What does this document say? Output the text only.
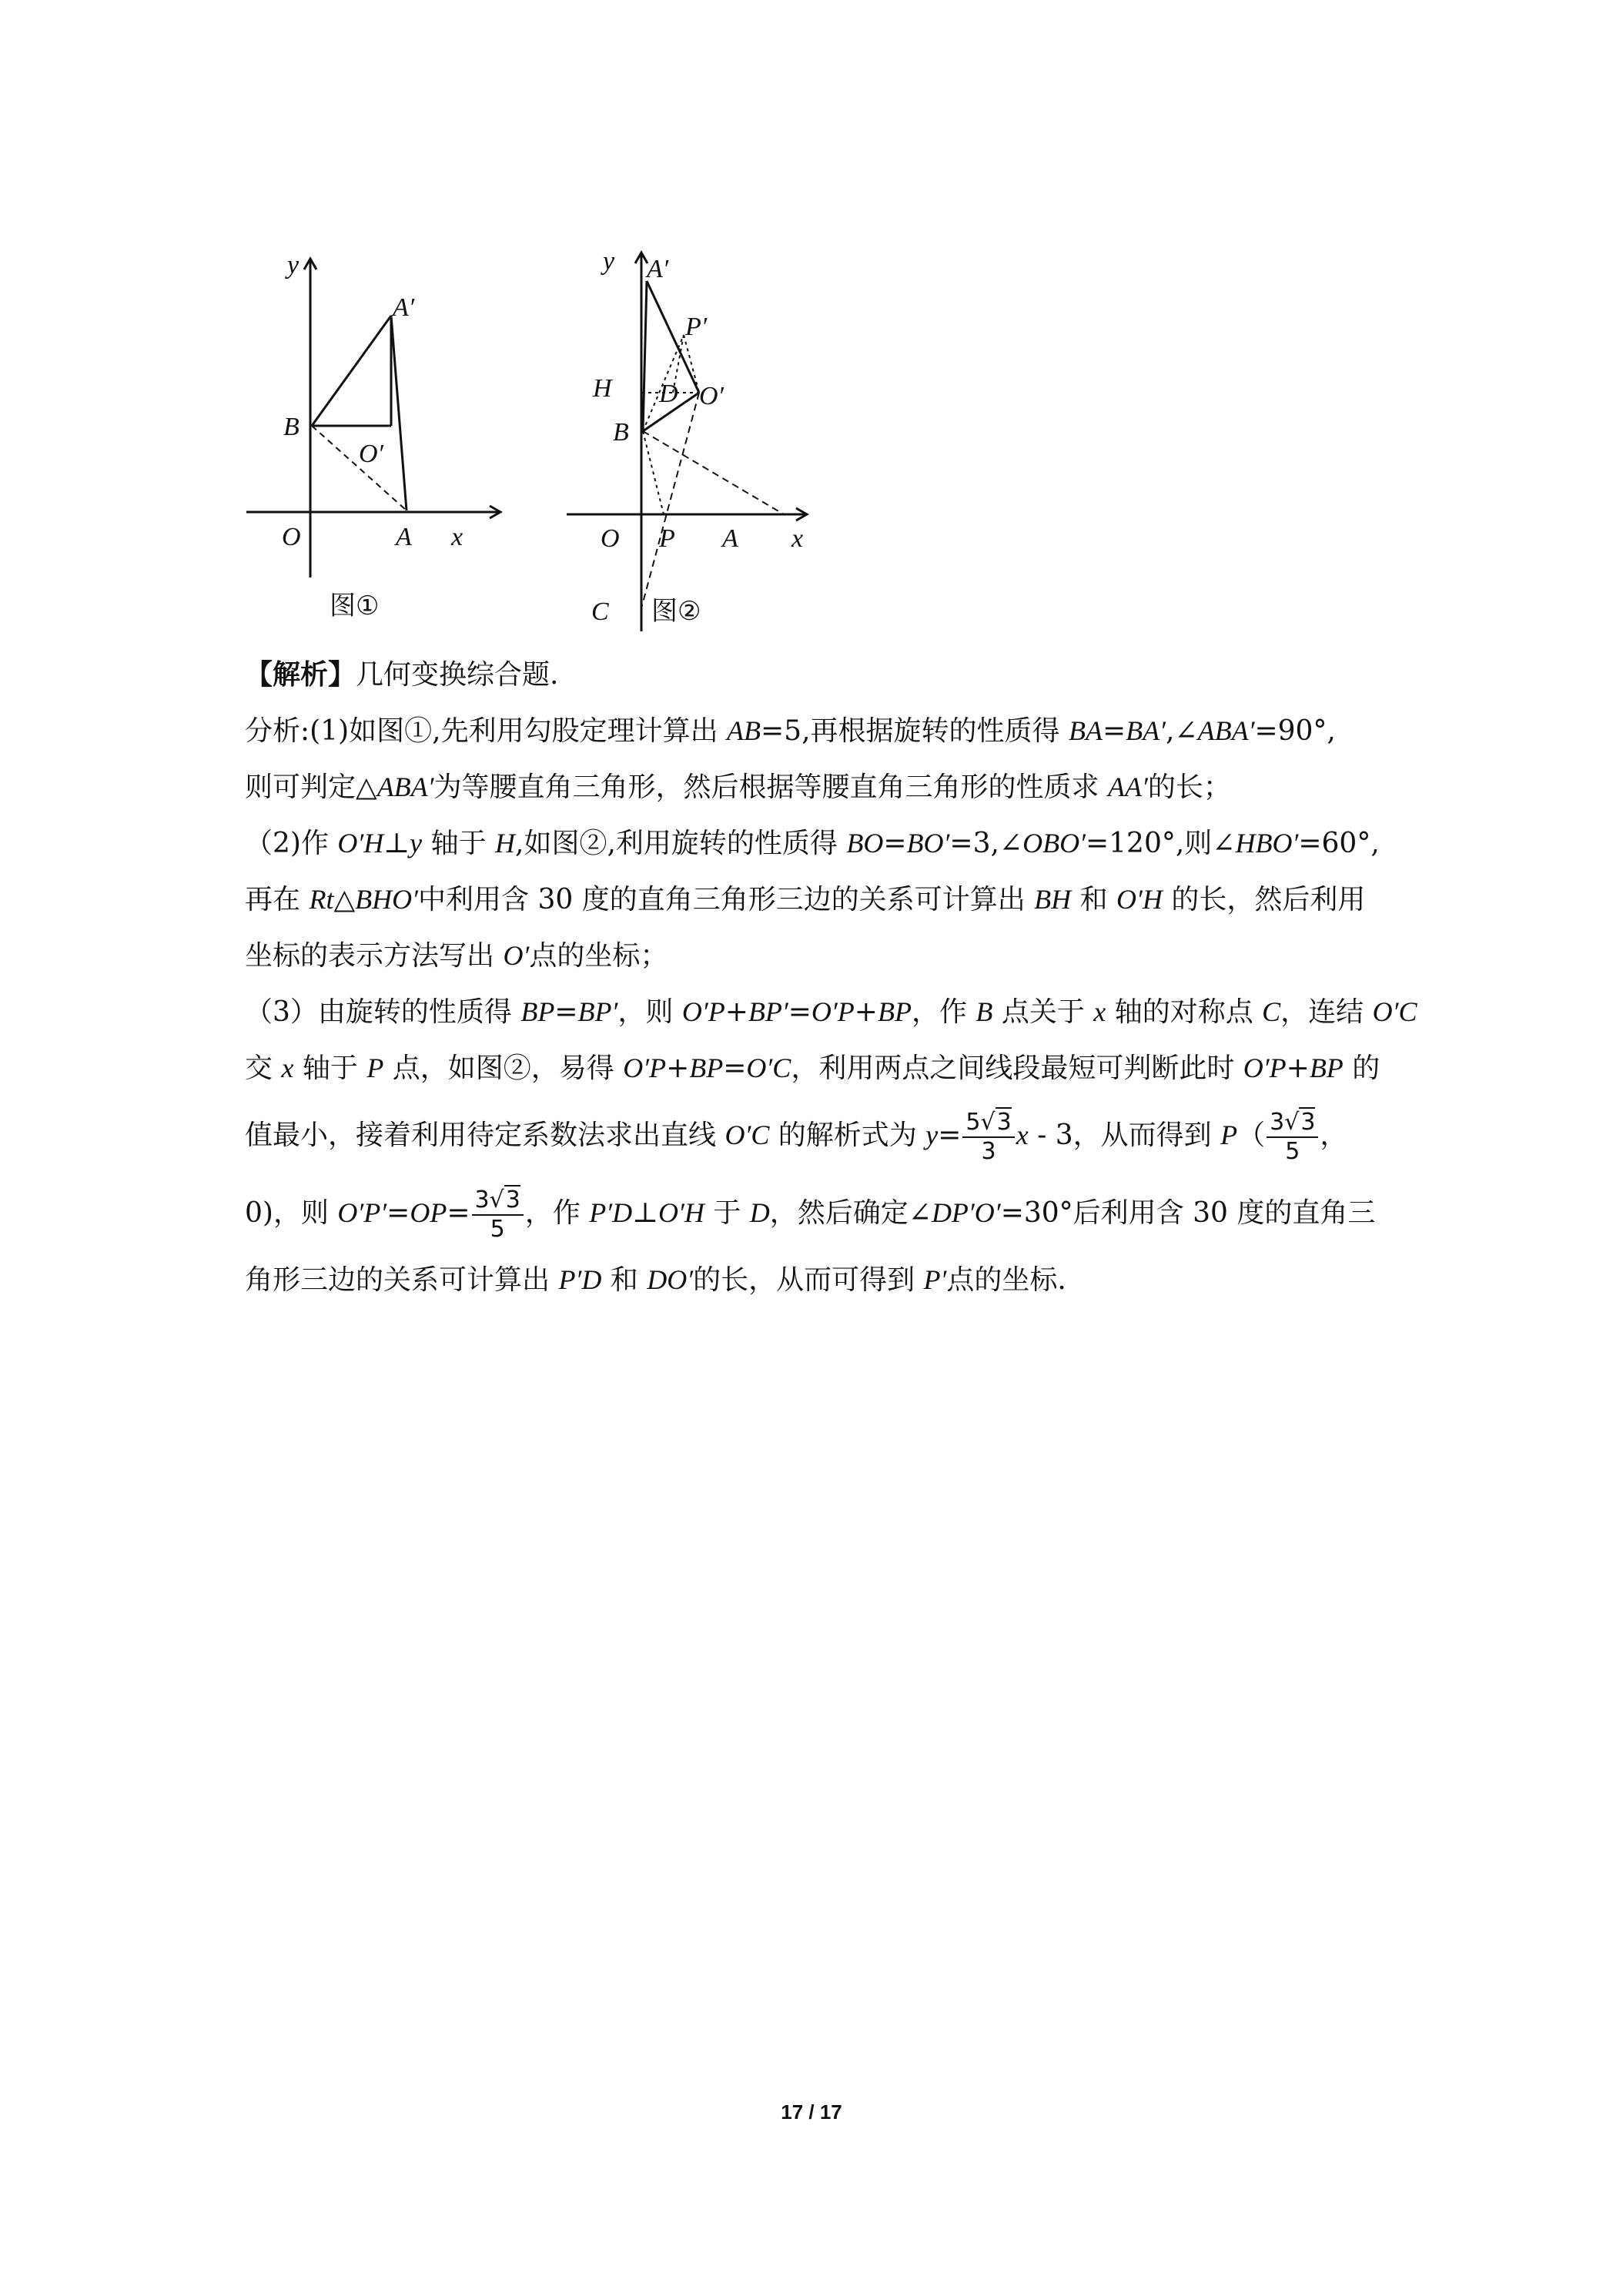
y
A′
B
O′
O	A x
图①
y A′
P′
H D O′
B
O P A x
C 图②
【解析】几何变换综合题.
分析:(1)如图①,先利用勾股定理计算出 AB=5,再根据旋转的性质得 BA=BA′,∠ABA′=90°,
则可判定△ABA′为等腰直角三角形，然后根据等腰直角三角形的性质求 AA′的长；
（2)作 O′H⊥y 轴于 H,如图②,利用旋转的性质得 BO=BO′=3,∠OBO′=120°,则∠HBO′=60°,
再在 Rt△BHO′中利用含 30 度的直角三角形三边的关系可计算出 BH 和 O′H 的长，然后利用
坐标的表示方法写出 O′点的坐标；
（3）由旋转的性质得 BP=BP′，则 O′P+BP′=O′P+BP，作 B 点关于 x 轴的对称点 C，连结 O′C
交 x 轴于 P 点，如图②，易得 O′P+BP=O′C，利用两点之间线段最短可判断此时 O′P+BP 的
值最小，接着利用待定系数法求出直线 O′C 的解析式为 $y= \frac{5√3}{3}$ x - 3，从而得到 $P( \frac{3√3}{5}$ ，
0)，则 $O'P'=OP= \frac{3√3}{5}$ ，作 P′D⊥O′H 于 D，然后确定∠DP′O′=30°后利用含 30 度的直角三
角形三边的关系可计算出 P′D 和 DO′的长，从而可得到 P′点的坐标.
17 / 17
